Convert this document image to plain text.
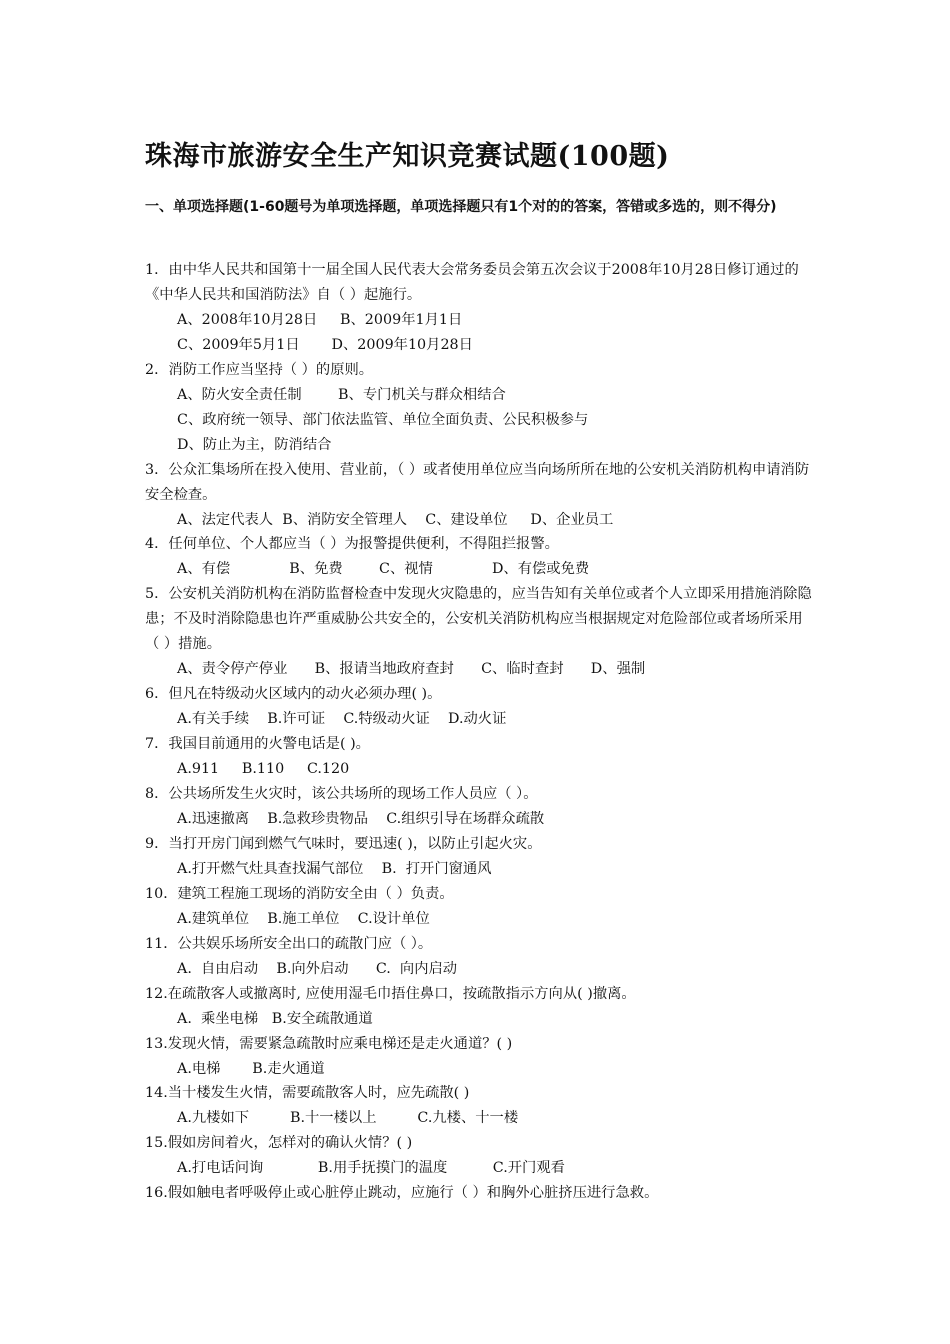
珠海市旅游安全生产知识竞赛试题(100题)
一、单项选择题(1-60题号为单项选择题，单项选择题只有1个对的的答案，答错或多选的，则不得分)

1．由中华人民共和国第十一届全国人民代表大会常务委员会第五次会议于2008年10月28日修订通过的《中华人民共和国消防法》自（ ）起施行。

A、2008年10月28日     B、2009年1月1日

C、2009年5月1日       D、2009年10月28日

2．消防工作应当坚持（ ）的原则。

A、防火安全责任制        B、专门机关与群众相结合

C、政府统一领导、部门依法监管、单位全面负责、公民积极参与

D、防止为主，防消结合

3．公众汇集场所在投入使用、营业前，（ ）或者使用单位应当向场所所在地的公安机关消防机构申请消防安全检查。

A、法定代表人  B、消防安全管理人    C、建设单位     D、企业员工

4．任何单位、个人都应当（ ）为报警提供便利，不得阻拦报警。

A、有偿             B、免费        C、视情             D、有偿或免费

5．公安机关消防机构在消防监督检查中发现火灾隐患的，应当告知有关单位或者个人立即采用措施消除隐患；不及时消除隐患也许严重威胁公共安全的，公安机关消防机构应当根据规定对危险部位或者场所采用（ ）措施。

A、责令停产停业      B、报请当地政府查封      C、临时查封      D、强制

6．但凡在特级动火区域内的动火必须办理( )。

A.有关手续    B.许可证    C.特级动火证    D.动火证

7．我国目前通用的火警电话是( )。

A.911     B.110     C.120

8．公共场所发生火灾时，该公共场所的现场工作人员应（ ）。

A.迅速撤离    B.急救珍贵物品    C.组织引导在场群众疏散

9．当打开房门闻到燃气气味时，要迅速( )，以防止引起火灾。

A.打开燃气灶具查找漏气部位    B.  打开门窗通风

10．建筑工程施工现场的消防安全由（ ）负责。

A.建筑单位    B.施工单位    C.设计单位

11．公共娱乐场所安全出口的疏散门应（ ）。

A.  自由启动    B.向外启动      C.  向内启动

12.在疏散客人或撤离时, 应使用湿毛巾捂住鼻口，按疏散指示方向从( )撤离。

A.  乘坐电梯   B.安全疏散通道

13.发现火情，需要紧急疏散时应乘电梯还是走火通道？( )

A.电梯       B.走火通道

14.当十楼发生火情，需要疏散客人时，应先疏散( )

A.九楼如下         B.十一楼以上         C.九楼、十一楼

15.假如房间着火，怎样对的确认火情？( )

A.打电话问询            B.用手抚摸门的温度          C.开门观看

16.假如触电者呼吸停止或心脏停止跳动，应施行（ ）和胸外心脏挤压进行急救。
